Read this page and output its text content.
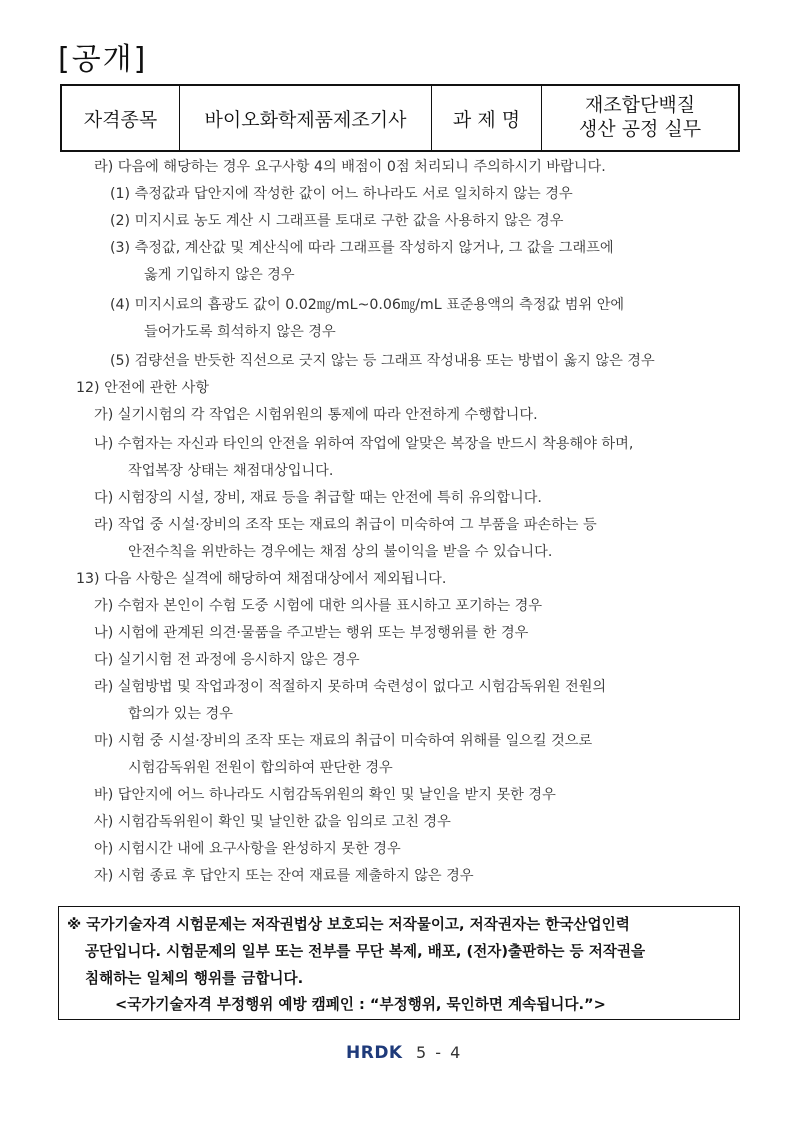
[공개]
자격종목	바이오화학제품제조기사	과 제 명
재조합단백질
생산 공정 실무
라) 다음에 해당하는 경우 요구사항 4의 배점이 0점 처리되니 주의하시기 바랍니다.
(1) 측정값과 답안지에 작성한 값이 어느 하나라도 서로 일치하지 않는 경우
(2) 미지시료 농도 계산 시 그래프를 토대로 구한 값을 사용하지 않은 경우
(3) 측정값, 계산값 및 계산식에 따라 그래프를 작성하지 않거나, 그 값을 그래프에
옳게 기입하지 않은 경우
(4) 미지시료의 흡광도 값이 0.02㎎/mL~0.06㎎/mL 표준용액의 측정값 범위 안에
들어가도록 희석하지 않은 경우
(5) 검량선을 반듯한 직선으로 긋지 않는 등 그래프 작성내용 또는 방법이 옳지 않은 경우
12) 안전에 관한 사항
가) 실기시험의 각 작업은 시험위원의 통제에 따라 안전하게 수행합니다.
나) 수험자는 자신과 타인의 안전을 위하여 작업에 알맞은 복장을 반드시 착용해야 하며,
작업복장 상태는 채점대상입니다.
다) 시험장의 시설, 장비, 재료 등을 취급할 때는 안전에 특히 유의합니다.
라) 작업 중 시설·장비의 조작 또는 재료의 취급이 미숙하여 그 부품을 파손하는 등
안전수칙을 위반하는 경우에는 채점 상의 불이익을 받을 수 있습니다.
13) 다음 사항은 실격에 해당하여 채점대상에서 제외됩니다.
가) 수험자 본인이 수험 도중 시험에 대한 의사를 표시하고 포기하는 경우
나) 시험에 관계된 의견·물품을 주고받는 행위 또는 부정행위를 한 경우
다) 실기시험 전 과정에 응시하지 않은 경우
라) 실험방법 및 작업과정이 적절하지 못하며 숙련성이 없다고 시험감독위원 전원의
합의가 있는 경우
마) 시험 중 시설·장비의 조작 또는 재료의 취급이 미숙하여 위해를 일으킬 것으로
시험감독위원 전원이 합의하여 판단한 경우
바) 답안지에 어느 하나라도 시험감독위원의 확인 및 날인을 받지 못한 경우
사) 시험감독위원이 확인 및 날인한 값을 임의로 고친 경우
아) 시험시간 내에 요구사항을 완성하지 못한 경우
자) 시험 종료 후 답안지 또는 잔여 재료를 제출하지 않은 경우
※ 국가기술자격 시험문제는 저작권법상 보호되는 저작물이고, 저작권자는 한국산업인력
공단입니다. 시험문제의 일부 또는 전부를 무단 복제, 배포, (전자)출판하는 등 저작권을
침해하는 일체의 행위를 금합니다.
<국가기술자격 부정행위 예방 캠페인 : “부정행위, 묵인하면 계속됩니다.”>
HRDK 5 - 4
